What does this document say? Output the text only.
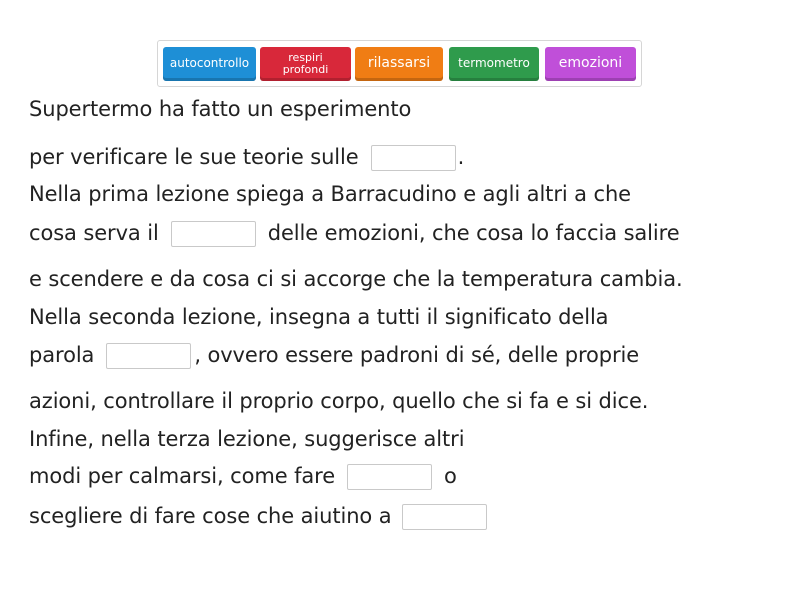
autocontrollo	respiri
profondi	rilassarsi	termometro	emozioni
Supertermo ha fatto un esperimento
per verificare le sue teorie sulle	.
Nella prima lezione spiega a Barracudino e agli altri a che
cosa serva il	delle emozioni, che cosa lo faccia salire
e scendere e da cosa ci si accorge che la temperatura cambia.
Nella seconda lezione, insegna a tutti il significato della
parola	, ovvero essere padroni di sé, delle proprie
azioni, controllare il proprio corpo, quello che si fa e si dice.
Infine, nella terza lezione, suggerisce altri
modi per calmarsi, come fare	o
scegliere di fare cose che aiutino a
